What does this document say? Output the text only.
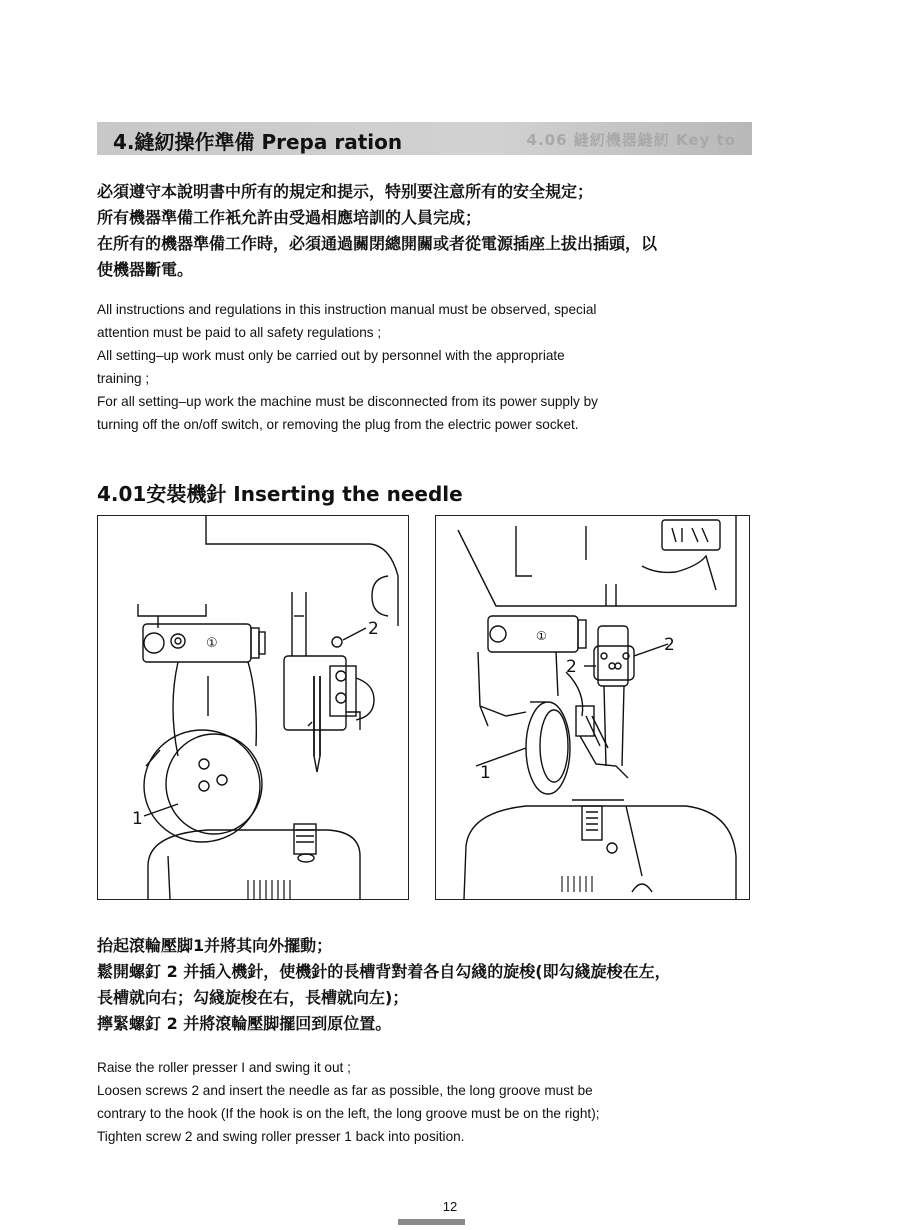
4.06 縫紉機器縫紉 Key to
4.縫紉操作準備 Prepa ration

必須遵守本說明書中所有的規定和提示，特别要注意所有的安全規定；

所有機器準備工作衹允許由受過相應培訓的人員完成；

在所有的機器準備工作時，必須通過關閉總開關或者從電源插座上拔出插頭，以

使機器斷電。

All instructions and regulations in this instruction manual must be observed, special

attention must be paid to all safety regulations ;

All setting–up work must only be carried out by personnel with the appropriate

training ;

For all setting–up work the machine must be disconnected from its power supply by

turning off the on/off switch, or removing the plug from the electric power socket.

4.01安裝機針 Inserting the needle
①
2
1
①	2
2
1

抬起滾輪壓脚1并將其向外擺動；

鬆開螺釘 2 并插入機針，使機針的長槽背對着各自勾綫的旋梭(即勾綫旋梭在左，

長槽就向右；勾綫旋梭在右，長槽就向左)；

擰緊螺釘 2 并將滾輪壓脚擺回到原位置。

Raise the roller presser I and swing it out ;

Loosen screws 2 and insert the needle as far as possible, the long groove must be

contrary to the hook (If the hook is on the left, the long groove must be on the right);

Tighten screw 2 and swing roller presser 1 back into position.

12
